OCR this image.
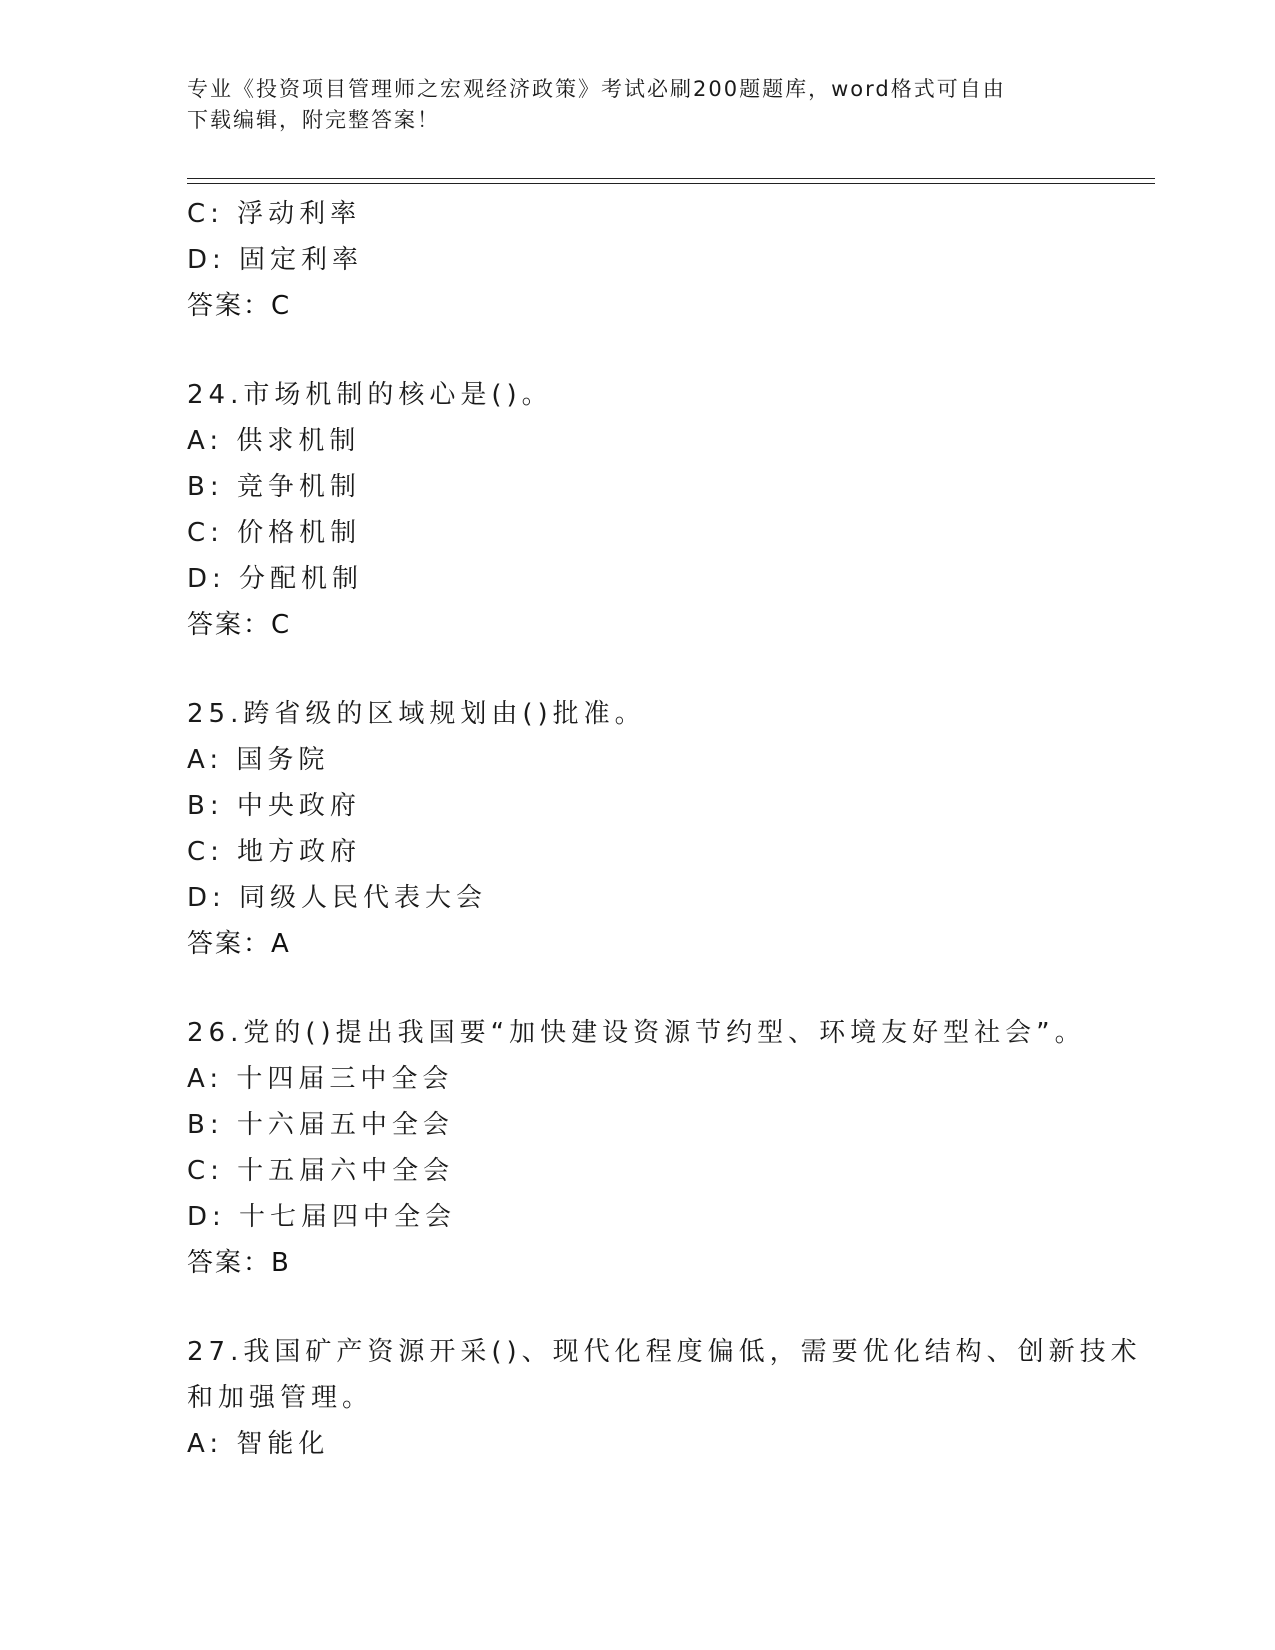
专业《投资项目管理师之宏观经济政策》考试必刷200题题库，word格式可自由
下载编辑，附完整答案！
C: 浮动利率
D: 固定利率
答案：C
24.市场机制的核心是()。
A: 供求机制
B: 竞争机制
C: 价格机制
D: 分配机制
答案：C
25.跨省级的区域规划由()批准。
A: 国务院
B: 中央政府
C: 地方政府
D: 同级人民代表大会
答案：A
26.党的()提出我国要“加快建设资源节约型、环境友好型社会”。
A: 十四届三中全会
B: 十六届五中全会
C: 十五届六中全会
D: 十七届四中全会
答案：B
27.我国矿产资源开采()、现代化程度偏低，需要优化结构、创新技术
和加强管理。
A: 智能化
